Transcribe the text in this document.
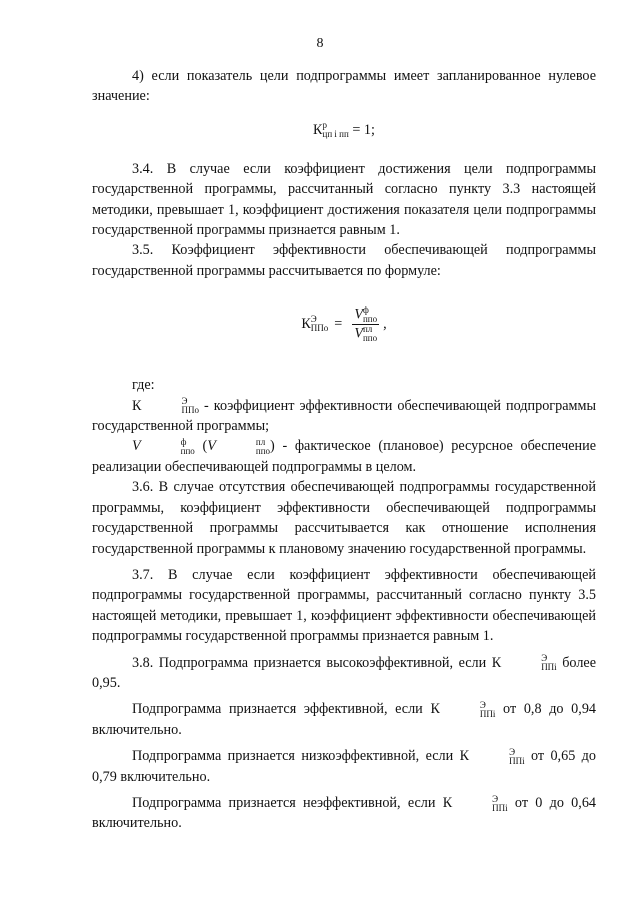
8

4) если показатель цели подпрограммы имеет запланированное нулевое значение:

К р
цп i пп = 1;

3.4. В случае если коэффициент достижения цели подпрограммы государственной программы, рассчитанный согласно пункту 3.3 настоящей методики, превышает 1, коэффициент достижения показателя цели подпрограммы государственной программы признается равным 1.

3.5. Коэффициент эффективности обеспечивающей подпрограммы государственной программы рассчитывается по формуле:

К Э
ППо = V ф
ппо
V пл
ппо ,

где:

К	Э
ППо - коэффициент эффективности обеспечивающей подпрограммы государственной программы;

V	ф
ппо (V	пл
ппо ) - фактическое (плановое) ресурсное обеспечение реализации обеспечивающей подпрограммы в целом.

3.6. В случае отсутствия обеспечивающей подпрограммы государственной программы, коэффициент эффективности обеспечивающей подпрограммы государственной программы рассчитывается как отношение исполнения государственной программы к плановому значению государственной программы.

3.7. В случае если коэффициент эффективности обеспечивающей подпрограммы государственной программы, рассчитанный согласно пункту 3.5 настоящей методики, превышает 1, коэффициент эффективности обеспечивающей подпрограммы государственной программы признается равным 1.

3.8. Подпрограмма признается высокоэффективной, если К	Э
ППi более 0,95.

Подпрограмма признается эффективной, если К	Э
ППi от 0,8 до 0,94 включительно.

Подпрограмма признается низкоэффективной, если К	Э
ППi от 0,65 до 0,79 включительно.

Подпрограмма признается неэффективной, если К	Э
ППi от 0 до 0,64 включительно.
